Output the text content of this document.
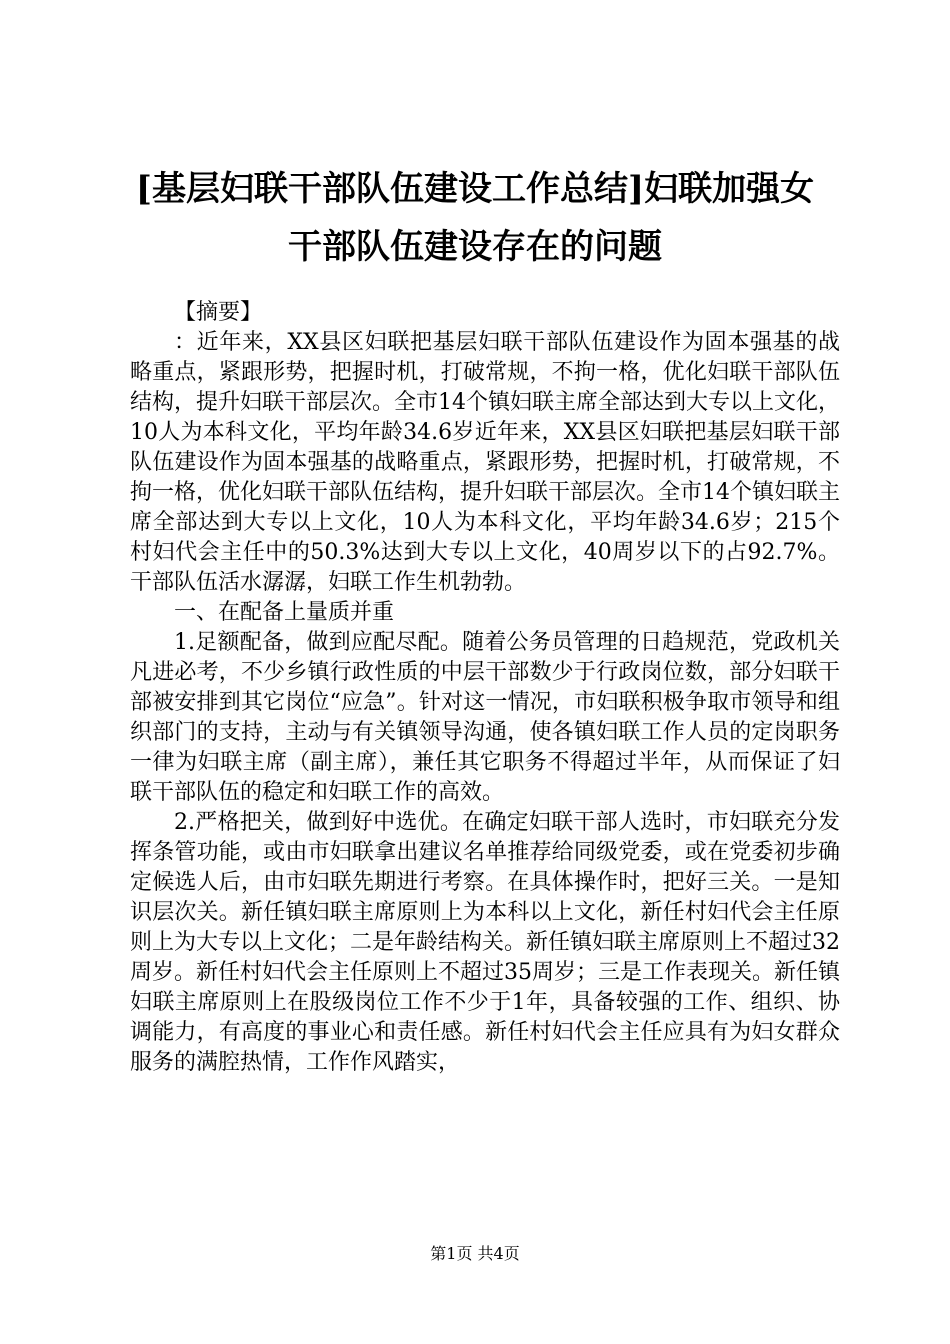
[基层妇联干部队伍建设工作总结]妇联加强女干部队伍建设存在的问题

【摘要】

：近年来，XX县区妇联把基层妇联干部队伍建设作为固本强基的战略重点，紧跟形势，把握时机，打破常规，不拘一格，优化妇联干部队伍结构，提升妇联干部层次。全市14个镇妇联主席全部达到大专以上文化，10人为本科文化，平均年龄34.6岁近年来，XX县区妇联把基层妇联干部队伍建设作为固本强基的战略重点，紧跟形势，把握时机，打破常规，不拘一格，优化妇联干部队伍结构，提升妇联干部层次。全市14个镇妇联主席全部达到大专以上文化，10人为本科文化，平均年龄34.6岁；215个村妇代会主任中的50.3%达到大专以上文化，40周岁以下的占92.7%。干部队伍活水潺潺，妇联工作生机勃勃。

一、在配备上量质并重

1.足额配备，做到应配尽配。随着公务员管理的日趋规范，党政机关凡进必考，不少乡镇行政性质的中层干部数少于行政岗位数，部分妇联干部被安排到其它岗位“应急”。针对这一情况，市妇联积极争取市领导和组织部门的支持，主动与有关镇领导沟通，使各镇妇联工作人员的定岗职务一律为妇联主席（副主席），兼任其它职务不得超过半年，从而保证了妇联干部队伍的稳定和妇联工作的高效。

2.严格把关，做到好中选优。在确定妇联干部人选时，市妇联充分发挥条管功能，或由市妇联拿出建议名单推荐给同级党委，或在党委初步确定候选人后，由市妇联先期进行考察。在具体操作时，把好三关。一是知识层次关。新任镇妇联主席原则上为本科以上文化，新任村妇代会主任原则上为大专以上文化；二是年龄结构关。新任镇妇联主席原则上不超过32周岁。新任村妇代会主任原则上不超过35周岁；三是工作表现关。新任镇妇联主席原则上在股级岗位工作不少于1年，具备较强的工作、组织、协调能力，有高度的事业心和责任感。新任村妇代会主任应具有为妇女群众服务的满腔热情，工作作风踏实，

第1页 共4页
